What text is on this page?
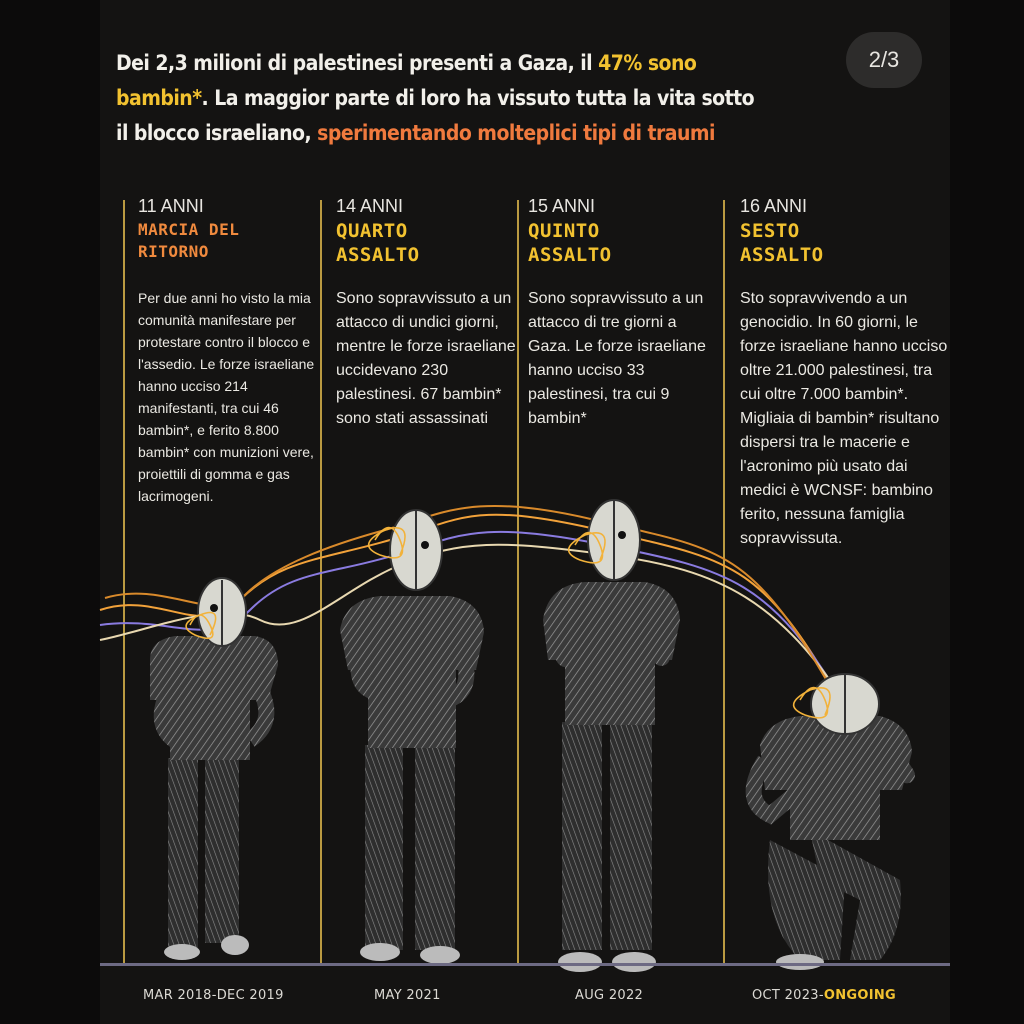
Dei 2,3 milioni di palestinesi presenti a Gaza, il 47% sono bambin*. La maggior parte di loro ha vissuto tutta la vita sotto il blocco israeliano, sperimentando molteplici tipi di traumi
2/3
11 ANNI
MARCIA DEL
RITORNO
Per due anni ho visto la mia comunità manifestare per protestare contro il blocco e l'assedio. Le forze israeliane hanno ucciso 214 manifestanti, tra cui 46 bambin*, e ferito 8.800 bambin* con munizioni vere, proiettili di gomma e gas lacrimogeni.
14 ANNI
QUARTO
ASSALTO
Sono sopravvissuto a un attacco di undici giorni, mentre le forze israeliane uccidevano 230 palestinesi. 67 bambin* sono stati assassinati
15 ANNI
QUINTO
ASSALTO
Sono sopravvissuto a un attacco di tre giorni a Gaza. Le forze israeliane hanno ucciso 33 palestinesi, tra cui 9 bambin*
16 ANNI
SESTO
ASSALTO
Sto sopravvivendo a un genocidio. In 60 giorni, le forze israeliane hanno ucciso oltre 21.000 palestinesi, tra cui oltre 7.000 bambin*. Migliaia di bambin* risultano dispersi tra le macerie e l'acronimo più usato dai medici è WCNSF: bambino ferito, nessuna famiglia sopravvissuta.
MAR 2018-DEC 2019	MAY 2021	AUG 2022	OCT 2023-ONGOING
